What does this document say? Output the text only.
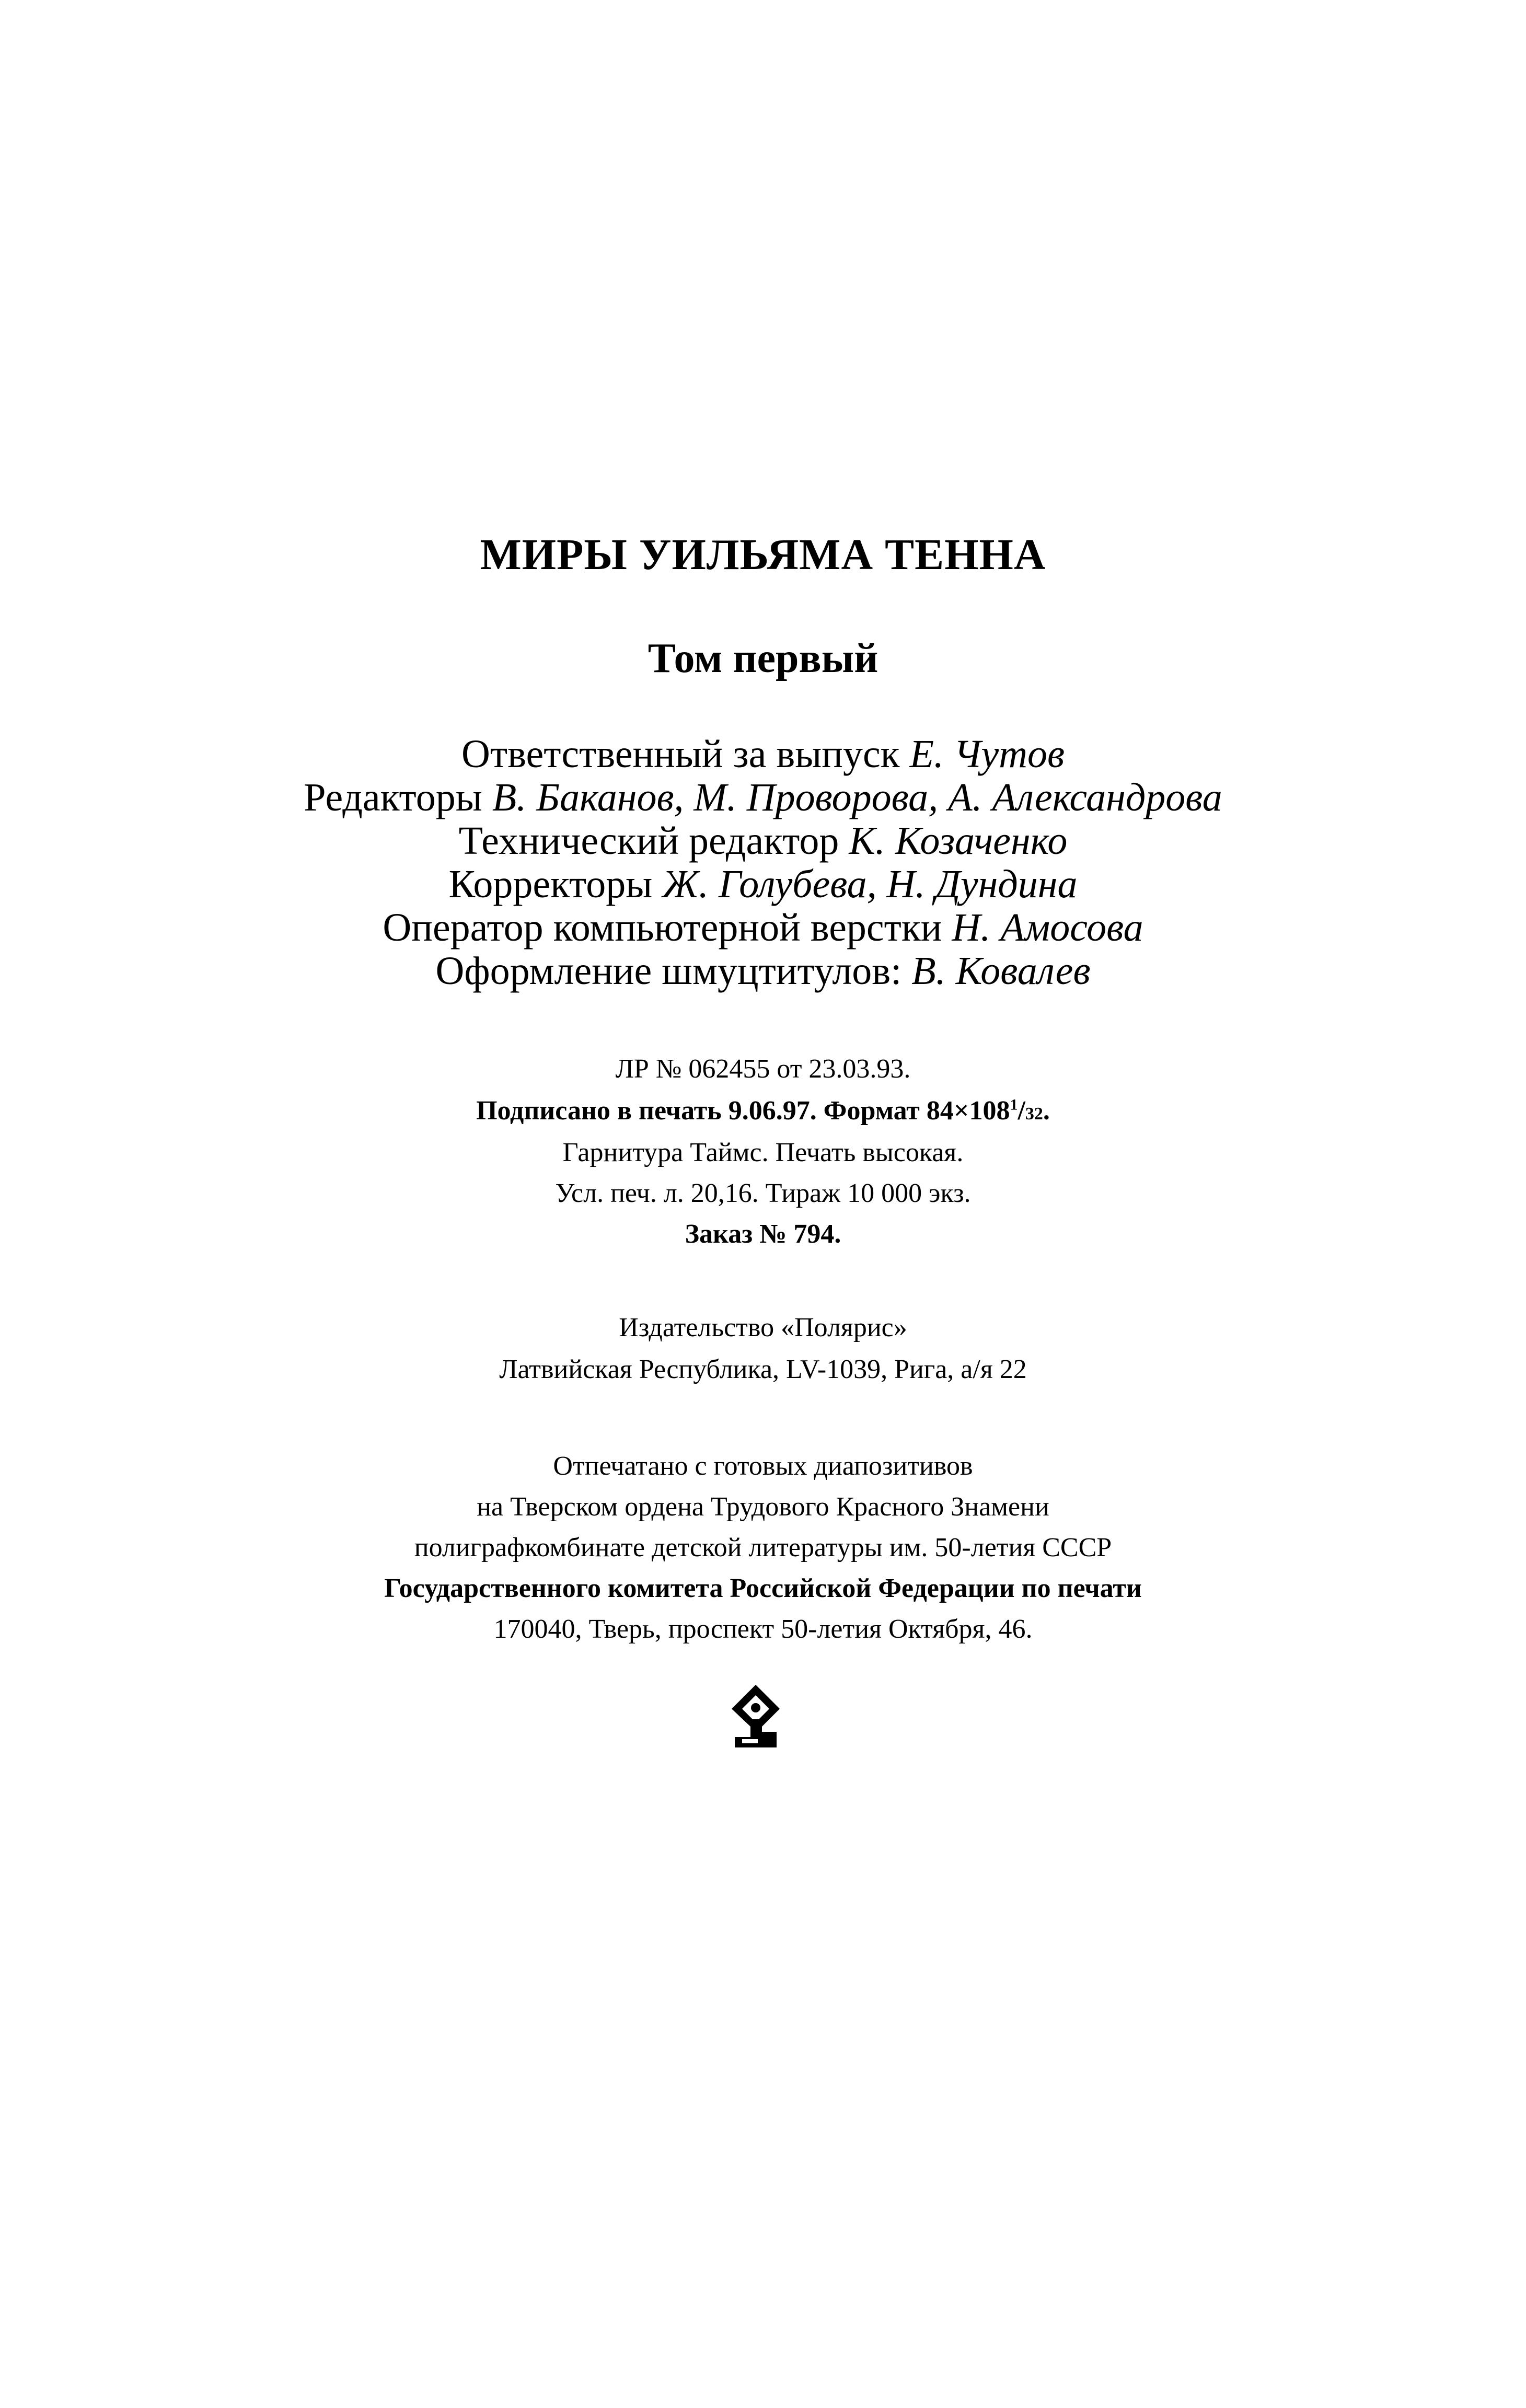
МИРЫ УИЛЬЯМА ТЕННА
Том первый

Ответственный за выпуск Е. Чутов

Редакторы В. Баканов, М. Проворова, А. Александрова

Технический редактор К. Козаченко

Корректоры Ж. Голубева, Н. Дундина

Оператор компьютерной верстки Н. Амосова

Оформление шмуцтитулов: В. Ковалев

ЛР № 062455 от 23.03.93.

Подписано в печать 9.06.97. Формат $84\times 108^1/32$.

Гарнитура Таймс. Печать высокая.

Усл. печ. л. 20,16. Тираж 10 000 экз.

Заказ № 794.

Издательство «Полярис»

Латвийская Республика, LV-1039, Рига, а/я 22

Отпечатано с готовых диапозитивов

на Тверском ордена Трудового Красного Знамени

полиграфкомбинате детской литературы им. 50-летия СССР

Государственного комитета Российской Федерации по печати

170040, Тверь, проспект 50-летия Октября, 46.
